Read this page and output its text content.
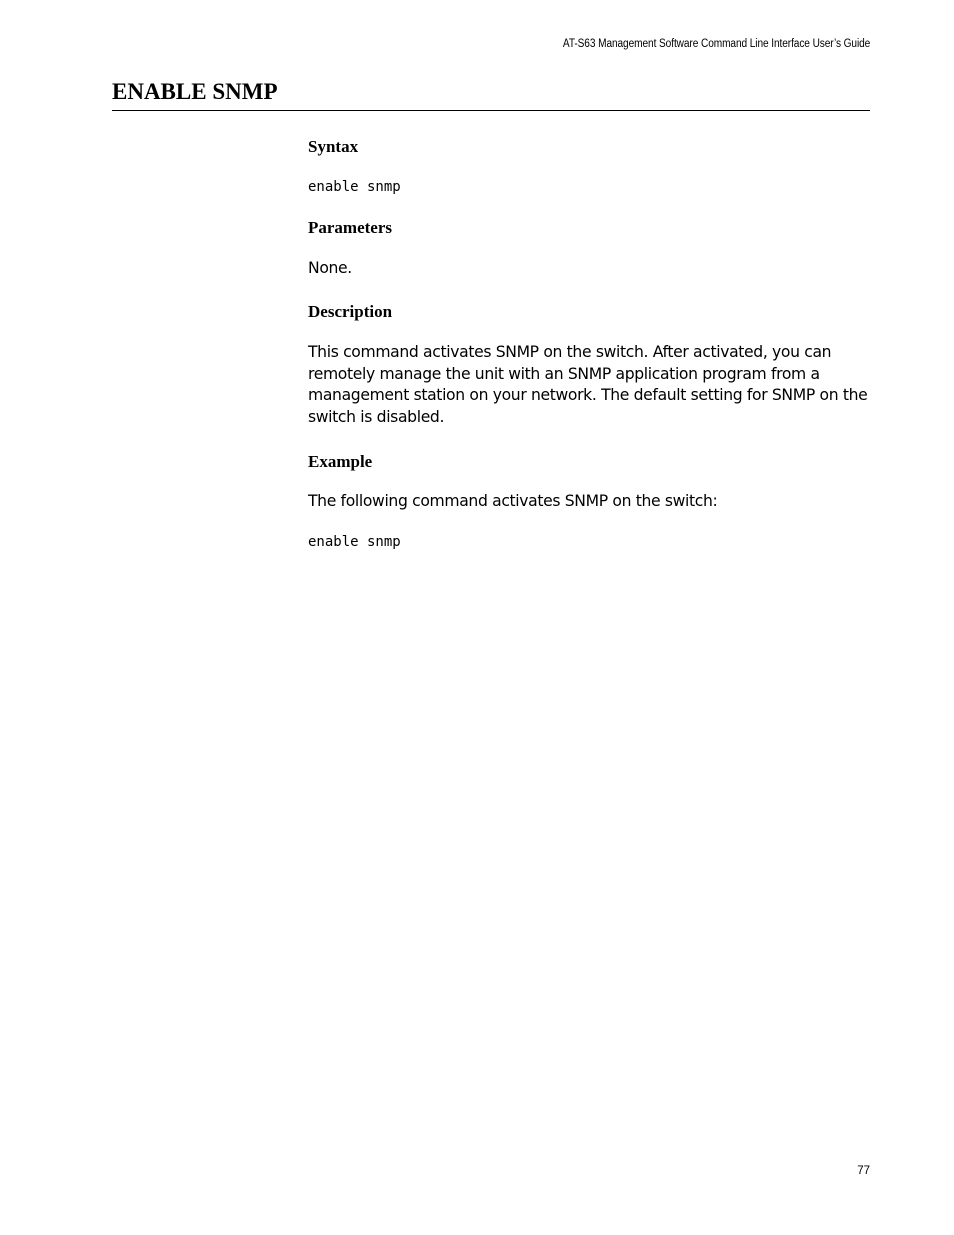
AT-S63 Management Software Command Line Interface User’s Guide
ENABLE SNMP
Syntax
enable snmp
Parameters

None.

Description

This command activates SNMP on the switch. After activated, you can remotely manage the unit with an SNMP application program from a management station on your network. The default setting for SNMP on the switch is disabled.

Example

The following command activates SNMP on the switch:

enable snmp
77
